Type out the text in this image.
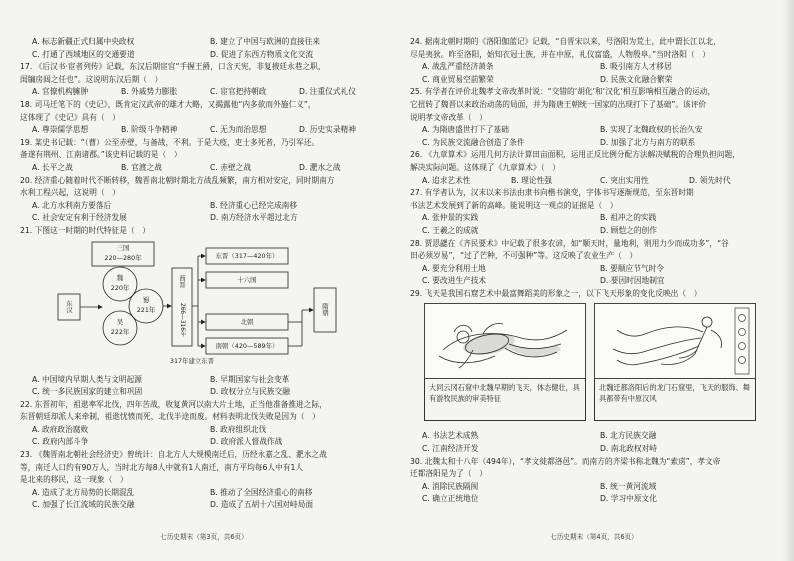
A. 标志新疆正式归属中央政权	B. 建立了中国与欧洲的直接往来
C. 打通了西域地区的交通要道	D. 促进了东西方物质文化交流
17. 《后汉书·宦者列传》记载，东汉后期宦官“手握王爵，口含天宪，非复掖廷永巷之职，
闺牖房闼之任也”。这说明东汉后期（　）
A. 官僚机构臃肿	B. 外戚势力膨胀	C. 宦官把持朝政	D. 注重仪式礼仪
18. 司马迁笔下的《史记》，既肯定汉武帝的雄才大略，又揭露他“内多欲而外施仁义”，
这体现了《史记》具有（　）
A. 尊崇儒学思想	B. 阶级斗争精神	C. 无为而治思想	D. 历史实录精神
19. 某史书记载：“（曹）公至赤壁，与备战，不利。于是大疫，吏士多死者，乃引军还。
备遂有荆州、江南诸郡。”该史料记载的是（　）
A. 长平之战	B. 官渡之战	C. 赤壁之战	D. 淝水之战
20. 经济重心随着时代不断转移，魏晋南北朝时期北方战乱频繁，南方相对安定，同时期南方
水利工程兴起，这说明（　）
A. 北方水利南方要落后	B. 经济重心已经完成南移
C. 社会安定有利于经济发展	D. 南方经济水平超过北方
21. 下图这一时期的时代特征是（　）
三国
220—280年
东汉
魏
220年
蜀
221年
吴
222年
西晋
266—316年
317年建立东晋
东晋（317—420年）
十六国
北朝
南朝（420—589年）
隋朝
A. 中国境内早期人类与文明起源	B. 早期国家与社会变革
C. 统一多民族国家的建立和巩固	D. 政权分立与民族交融
22. 东晋初年，祖逖率军北伐，四年苦战，收复黄河以南大片土地，正当他准备推进之际，
东晋朝廷却派人来牵制，祖逖忧愤而死，北伐半途而废。材料表明北伐失败是因为（　）
A. 政府政治腐败	B. 政府组织北伐
C. 政府内部斗争	D. 政府派人督战作战
23. 《魏晋南北朝社会经济史》曾统计：自北方人大规模南迁后，历经永嘉之乱、淝水之战
等，南迁人口约有90万人，当时北方每8人中就有1人南迁，南方平均每6人中有1人
是北来的移民，这一现象（　）
A. 造成了北方局势的长期混乱	B. 推动了全国经济重心的南移
C. 加强了长江流域的民族交融	D. 造成了五胡十六国对峙局面
七历史期末（第3页，共6页）
24. 据南北朝时期的《洛阳伽蓝记》记载，“自晋宋以来，号洛阳为荒土，此中谓长江以北，
尽是夷狄。昨至洛阳，始知衣冠士族，并在中原，礼仪富盛，人物殷阜。”当时洛阳（　）
A. 战乱严重经济萧条	B. 吸引南方人才移居
C. 商业贸易空前繁荣	D. 民族文化融合繁荣
25. 有学者在评价北魏孝文帝改革时说：“交错的‘胡化’和‘汉化’相互影响相互融合的运动，
它扭转了魏晋以来政治动荡的局面，并为隋唐王朝统一国家的出现打下了基础”。该评价
说明孝文帝改革（　）
A. 为隋唐盛世打下了基础	B. 实现了北魏政权的长治久安
C. 为民族交流融合创造了条件	D. 加强了北方与南方的联系
26. 《九章算术》运用几何方法计算田亩面积，运用正反比例分配方法解决赋税的合理负担问题，
解决实际问题。这体现了《九章算术》（　）
A. 追求艺术性	B. 理论性强	C. 突出实用性	D. 领先时代
27. 有学者认为，汉末以来书法由隶书向楷书演变，字体书写逐渐规范，至东晋时期
书法艺术发展到了新的高峰。能说明这一观点的证据是（　）
A. 张仲景的实践	B. 祖冲之的实践
C. 王羲之的成就	D. 顾恺之的创作
28. 贾思勰在《齐民要术》中记载了很多农谚，如“顺天时，量地利，则用力少而成功多”，“谷
田必须岁易”，“过了芒种，不可强种”等。这反映了农业生产（　）
A. 要充分利用土地	B. 要顺应节气时令
C. 要改进生产技术	D. 要因时因地制宜
29. 飞天是我国石窟艺术中最富舞蹈美的形象之一，以下飞天形象的变化反映出（　）
大同云冈石窟中北魏早期的飞天，体态健壮，具有游牧民族的审美特征
北魏迁都洛阳后的龙门石窟里，飞天的服饰、舞具都带有中原汉风
A. 书法艺术成熟	B. 北方民族交融
C. 江南经济开发	D. 南北政权对峙
30. 北魏太和十八年（494年），“孝文徙都洛邑”。而南方的齐梁书称北魏为“索虏”，孝文帝
迁都洛阳是为了（　）
A. 消除民族隔阂	B. 统一黄河流域
C. 确立正统地位	D. 学习中原文化
七历史期末（第4页，共6页）
